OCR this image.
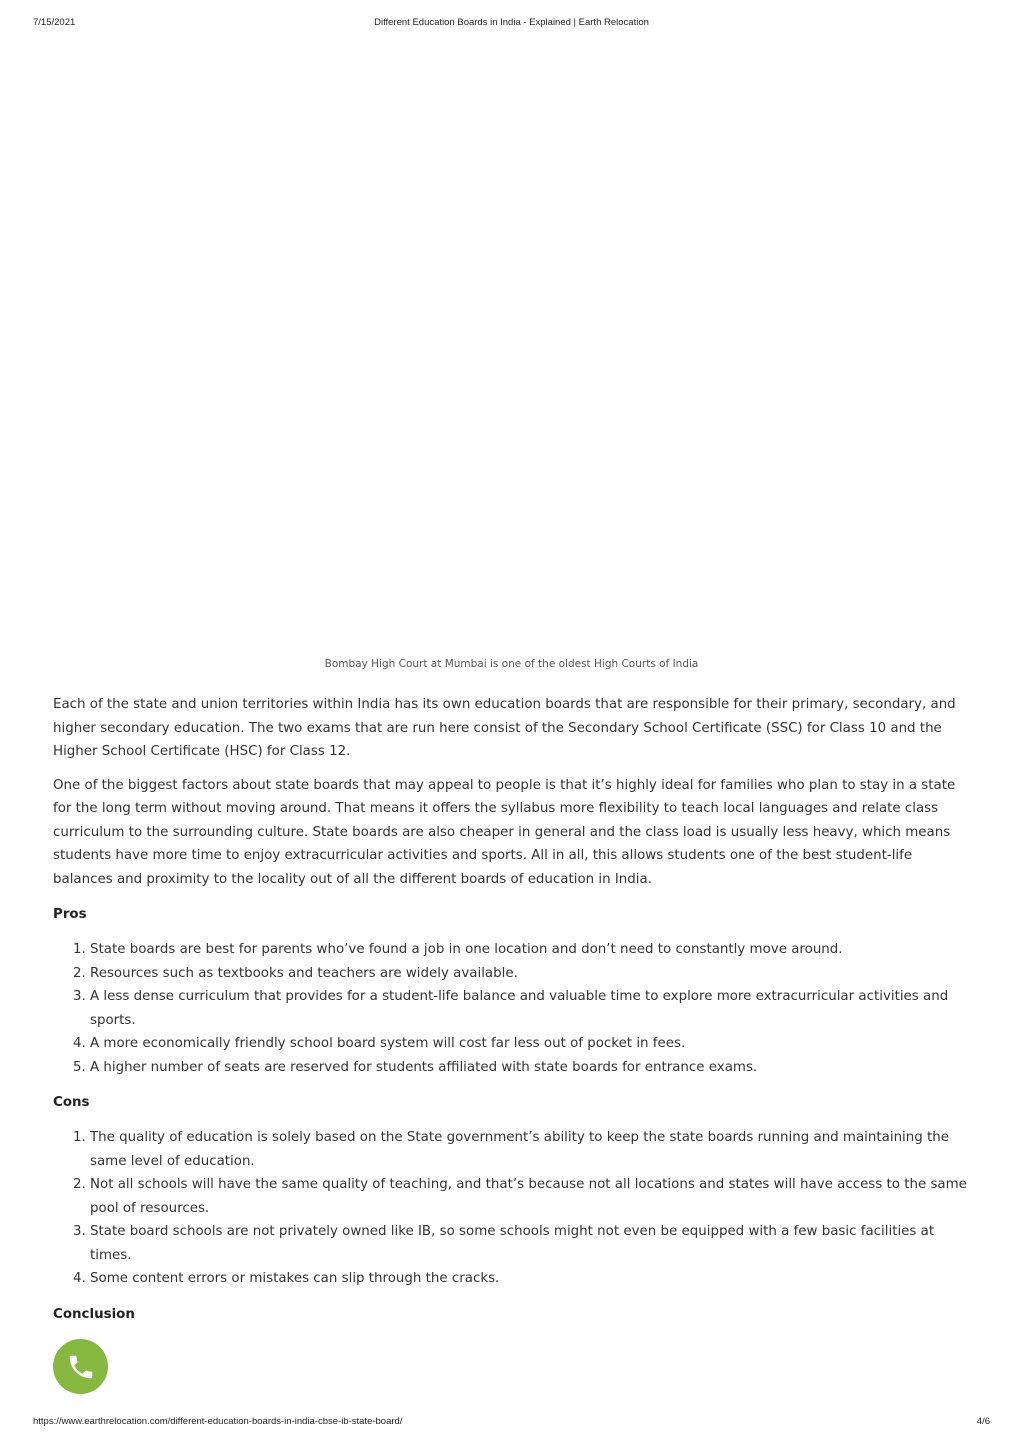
7/15/2021	Different Education Boards in India - Explained | Earth Relocation
Bombay High Court at Mumbai is one of the oldest High Courts of India

Each of the state and union territories within India has its own education boards that are responsible for their primary, secondary, and higher secondary education. The two exams that are run here consist of the Secondary School Certificate (SSC) for Class 10 and the Higher School Certificate (HSC) for Class 12.

One of the biggest factors about state boards that may appeal to people is that it’s highly ideal for families who plan to stay in a state for the long term without moving around. That means it offers the syllabus more flexibility to teach local languages and relate class curriculum to the surrounding culture. State boards are also cheaper in general and the class load is usually less heavy, which means students have more time to enjoy extracurricular activities and sports. All in all, this allows students one of the best student-life balances and proximity to the locality out of all the different boards of education in India.

Pros
1. State boards are best for parents who’ve found a job in one location and don’t need to constantly move around.
2. Resources such as textbooks and teachers are widely available.
3. A less dense curriculum that provides for a student-life balance and valuable time to explore more extracurricular activities and sports.
4. A more economically friendly school board system will cost far less out of pocket in fees.
5. A higher number of seats are reserved for students affiliated with state boards for entrance exams.
Cons
1. The quality of education is solely based on the State government’s ability to keep the state boards running and maintaining the same level of education.
2. Not all schools will have the same quality of teaching, and that’s because not all locations and states will have access to the same pool of resources.
3. State board schools are not privately owned like IB, so some schools might not even be equipped with a few basic facilities at times.
4. Some content errors or mistakes can slip through the cracks.
Conclusion
https://www.earthrelocation.com/different-education-boards-in-india-cbse-ib-state-board/	4/6
